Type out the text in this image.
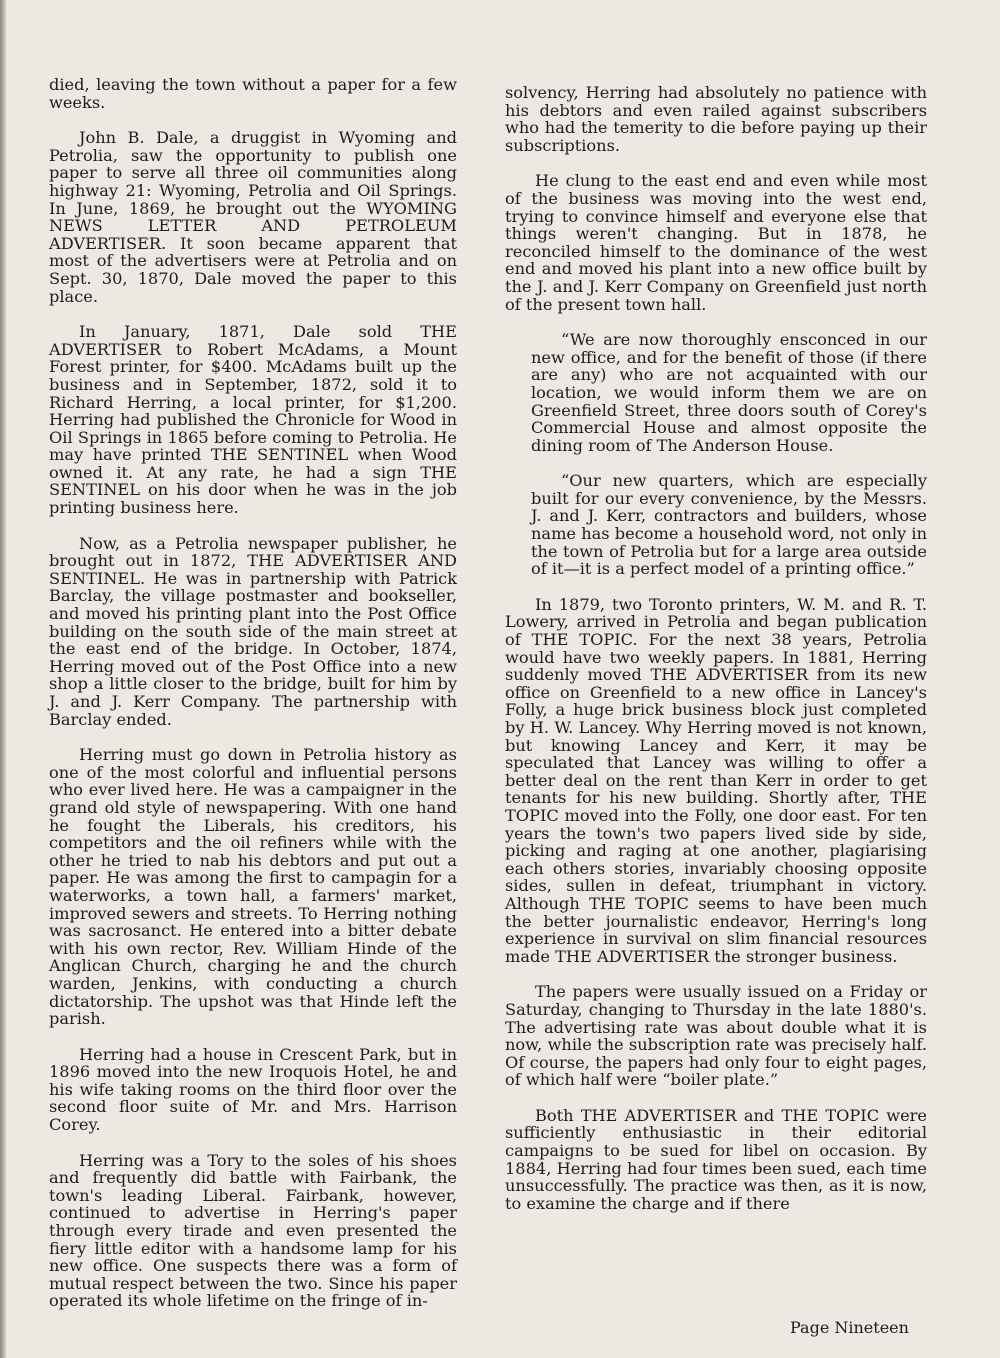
died, leaving the town without a paper for a few weeks.

John B. Dale, a druggist in Wyoming and Petrolia, saw the opportunity to publish one paper to serve all three oil communities along highway 21: Wyoming, Petrolia and Oil Springs. In June, 1869, he brought out the WYOMING NEWS LETTER AND PETROLEUM ADVERTISER. It soon became apparent that most of the advertisers were at Petrolia and on Sept. 30, 1870, Dale moved the paper to this place.

In January, 1871, Dale sold THE ADVERTISER to Robert McAdams, a Mount Forest printer, for $400. McAdams built up the business and in September, 1872, sold it to Richard Herring, a local printer, for $1,200. Herring had published the Chronicle for Wood in Oil Springs in 1865 before coming to Petrolia. He may have printed THE SENTINEL when Wood owned it. At any rate, he had a sign THE SENTINEL on his door when he was in the job printing business here.

Now, as a Petrolia newspaper publisher, he brought out in 1872, THE ADVERTISER AND SENTINEL. He was in partnership with Patrick Barclay, the village postmaster and bookseller, and moved his printing plant into the Post Office building on the south side of the main street at the east end of the bridge. In October, 1874, Herring moved out of the Post Office into a new shop a little closer to the bridge, built for him by J. and J. Kerr Company. The partnership with Barclay ended.

Herring must go down in Petrolia history as one of the most colorful and influential persons who ever lived here. He was a campaigner in the grand old style of newspapering. With one hand he fought the Liberals, his creditors, his competitors and the oil refiners while with the other he tried to nab his debtors and put out a paper. He was among the first to campagin for a waterworks, a town hall, a farmers' market, improved sewers and streets. To Herring nothing was sacrosanct. He entered into a bitter debate with his own rector, Rev. William Hinde of the Anglican Church, charging he and the church warden, Jenkins, with conducting a church dictatorship. The upshot was that Hinde left the parish.

Herring had a house in Crescent Park, but in 1896 moved into the new Iroquois Hotel, he and his wife taking rooms on the third floor over the second floor suite of Mr. and Mrs. Harrison Corey.

Herring was a Tory to the soles of his shoes and frequently did battle with Fairbank, the town's leading Liberal. Fairbank, however, continued to advertise in Herring's paper through every tirade and even presented the fiery little editor with a handsome lamp for his new office. One suspects there was a form of mutual respect between the two. Since his paper operated its whole lifetime on the fringe of in-

solvency, Herring had absolutely no patience with his debtors and even railed against subscribers who had the temerity to die before paying up their subscriptions.

He clung to the east end and even while most of the business was moving into the west end, trying to convince himself and everyone else that things weren't changing. But in 1878, he reconciled himself to the dominance of the west end and moved his plant into a new office built by the J. and J. Kerr Company on Greenfield just north of the present town hall.

“We are now thoroughly ensconced in our new office, and for the benefit of those (if there are any) who are not acquainted with our location, we would inform them we are on Greenfield Street, three doors south of Corey's Commercial House and almost opposite the dining room of The Anderson House.

“Our new quarters, which are especially built for our every convenience, by the Messrs. J. and J. Kerr, contractors and builders, whose name has become a household word, not only in the town of Petrolia but for a large area outside of it—it is a perfect model of a printing office.”

In 1879, two Toronto printers, W. M. and R. T. Lowery, arrived in Petrolia and began publication of THE TOPIC. For the next 38 years, Petrolia would have two weekly papers. In 1881, Herring suddenly moved THE ADVERTISER from its new office on Greenfield to a new office in Lancey's Folly, a huge brick business block just completed by H. W. Lancey. Why Herring moved is not known, but knowing Lancey and Kerr, it may be speculated that Lancey was willing to offer a better deal on the rent than Kerr in order to get tenants for his new building. Shortly after, THE TOPIC moved into the Folly, one door east. For ten years the town's two papers lived side by side, picking and raging at one another, plagiarising each others stories, invariably choosing opposite sides, sullen in defeat, triumphant in victory. Although THE TOPIC seems to have been much the better journalistic endeavor, Herring's long experience in survival on slim financial resources made THE ADVERTISER the stronger business.

The papers were usually issued on a Friday or Saturday, changing to Thursday in the late 1880's. The advertising rate was about double what it is now, while the subscription rate was precisely half. Of course, the papers had only four to eight pages, of which half were “boiler plate.”

Both THE ADVERTISER and THE TOPIC were sufficiently enthusiastic in their editorial campaigns to be sued for libel on occasion. By 1884, Herring had four times been sued, each time unsuccessfully. The practice was then, as it is now, to examine the charge and if there

Page Nineteen
